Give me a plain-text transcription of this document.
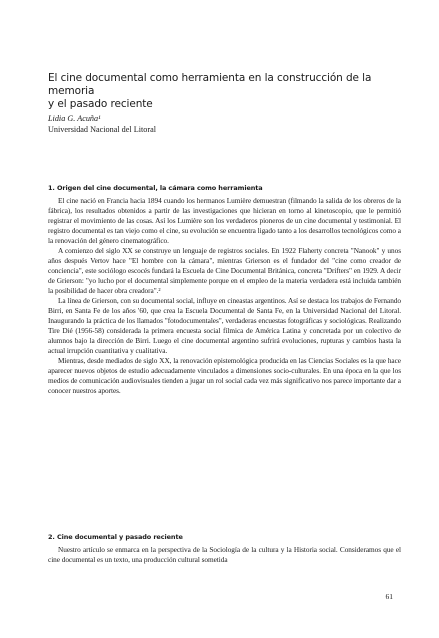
El cine documental como herramienta en la construcción de la memoria
y el pasado reciente
Lidia G. Acuña¹
Universidad Nacional del Litoral
1. Origen del cine documental, la cámara como herramienta

El cine nació en Francia hacia 1894 cuando los hermanos Lumière demuestran (filmando la salida de los obreros de la fábrica), los resultados obtenidos a partir de las investigaciones que hicieran en torno al kinetoscopio, que le permitió registrar el movimiento de las cosas. Así los Lumière son los verdaderos pioneros de un cine documental y testimonial. El registro documental es tan viejo como el cine, su evolución se encuentra ligado tanto a los desarrollos tecnológicos como a la renovación del género cinematográfico.

A comienzo del siglo XX se construye un lenguaje de registros sociales. En 1922 Flaherty concreta "Nanook" y unos años después Vertov hace "El hombre con la cámara", mientras Grierson es el fundador del "cine como creador de conciencia", este sociólogo escocés fundará la Escuela de Cine Documental Británica, concreta "Drifters" en 1929. A decir de Grierson: "yo lucho por el documental simplemente porque en el empleo de la materia verdadera está incluida también la posibilidad de hacer obra creadora".²

La línea de Grierson, con su documental social, influye en cineastas argentinos. Así se destaca los trabajos de Fernando Birri, en Santa Fe de los años '60, que crea la Escuela Documental de Santa Fe, en la Universidad Nacional del Litoral. Inaugurando la práctica de los llamados "fotodocumentales", verdaderas encuestas fotográficas y sociológicas. Realizando Tire Dié (1956-58) considerada la primera encuesta social fílmica de América Latina y concretada por un colectivo de alumnos bajo la dirección de Birri. Luego el cine documental argentino sufrirá evoluciones, rupturas y cambios hasta la actual irrupción cuantitativa y cualitativa.

Mientras, desde mediados de siglo XX, la renovación epistemológica producida en las Ciencias Sociales es la que hace aparecer nuevos objetos de estudio adecuadamente vinculados a dimensiones socio-culturales. En una época en la que los medios de comunicación audiovisuales tienden a jugar un rol social cada vez más significativo nos parece importante dar a conocer nuestros aportes.

2. Cine documental y pasado reciente

Nuestro artículo se enmarca en la perspectiva de la Sociología de la cultura y la Historia social. Consideramos que el cine documental es un texto, una producción cultural sometida

61
